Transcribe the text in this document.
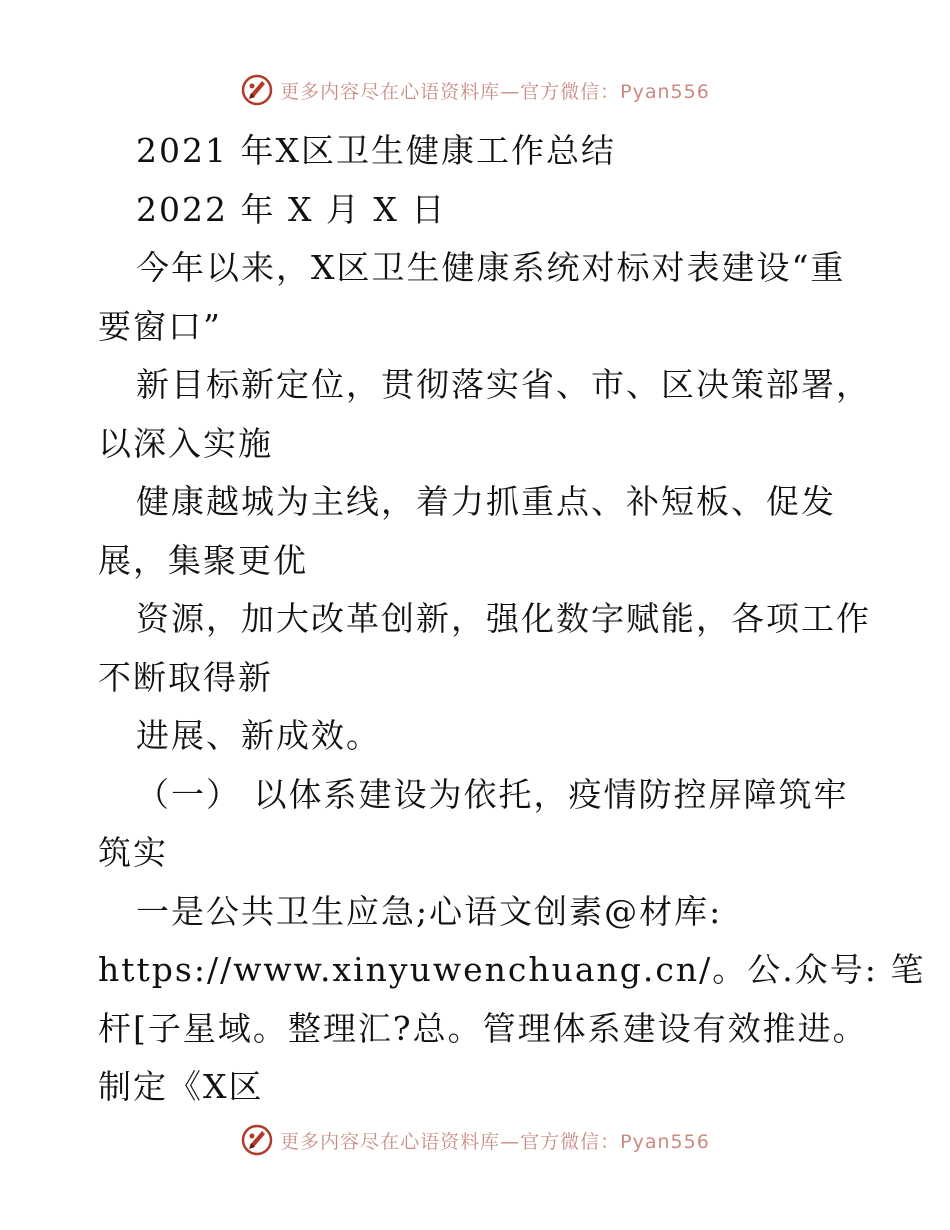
更多内容尽在心语资料库—官方微信：Pyan556
2021 年X区卫生健康工作总结
2022 年 X 月 X 日
今年以来，X区卫生健康系统对标对表建设“重
要窗口”
新目标新定位，贯彻落实省、市、区决策部署，
以深入实施
健康越城为主线，着力抓重点、补短板、促发
展，集聚更优
资源，加大改革创新，强化数字赋能，各项工作
不断取得新
进展、新成效。
（一） 以体系建设为依托，疫情防控屏障筑牢
筑实
一是公共卫生应急;心语文创素@材库:
https://www.xinyuwenchuang.cn/。公.众号: 笔
杆[子星域。整理汇?总。管理体系建设有效推进。
制定《X区
更多内容尽在心语资料库—官方微信：Pyan556
